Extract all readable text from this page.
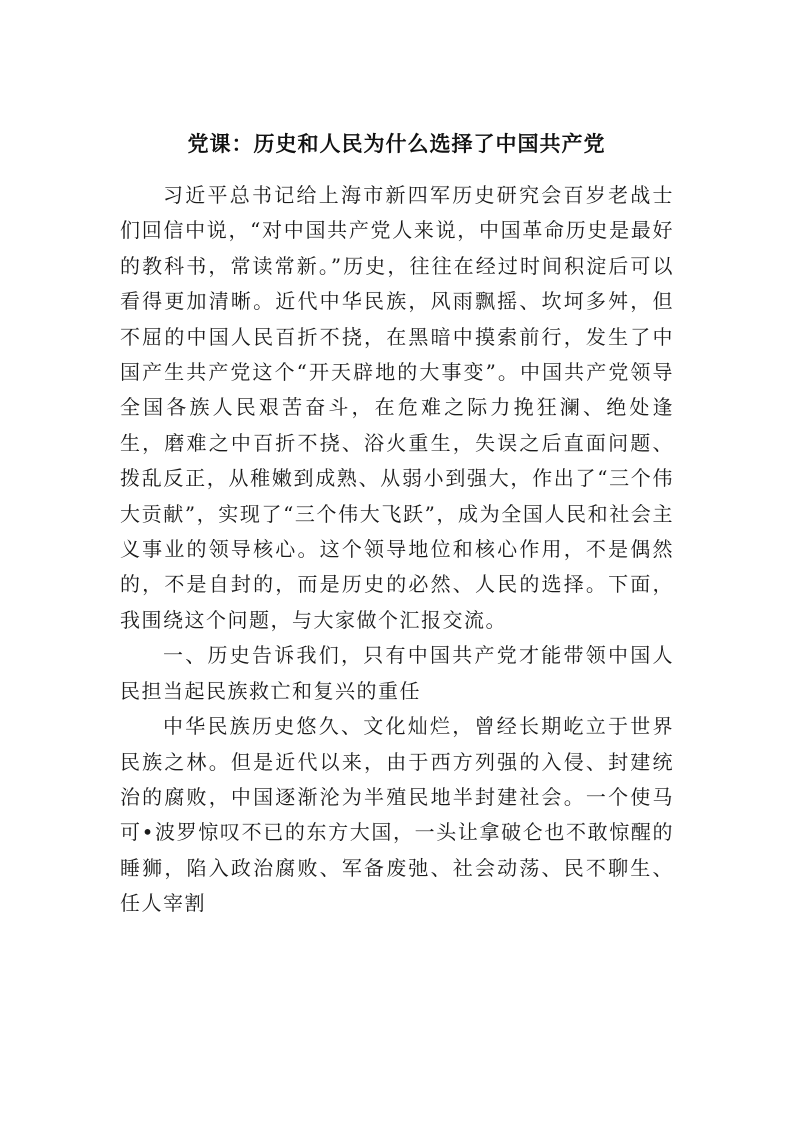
党课：历史和人民为什么选择了中国共产党

习近平总书记给上海市新四军历史研究会百岁老战士们回信中说，“对中国共产党人来说，中国革命历史是最好的教科书，常读常新。”历史，往往在经过时间积淀后可以看得更加清晰。近代中华民族，风雨飘摇、坎坷多舛，但不屈的中国人民百折不挠，在黑暗中摸索前行，发生了中国产生共产党这个“开天辟地的大事变”。中国共产党领导全国各族人民艰苦奋斗，在危难之际力挽狂澜、绝处逢生，磨难之中百折不挠、浴火重生，失误之后直面问题、拨乱反正，从稚嫩到成熟、从弱小到强大，作出了“三个伟大贡献”，实现了“三个伟大飞跃”，成为全国人民和社会主义事业的领导核心。这个领导地位和核心作用，不是偶然的，不是自封的，而是历史的必然、人民的选择。下面，我围绕这个问题，与大家做个汇报交流。

一、历史告诉我们，只有中国共产党才能带领中国人民担当起民族救亡和复兴的重任

中华民族历史悠久、文化灿烂，曾经长期屹立于世界民族之林。但是近代以来，由于西方列强的入侵、封建统治的腐败，中国逐渐沦为半殖民地半封建社会。一个使马可•波罗惊叹不已的东方大国，一头让拿破仑也不敢惊醒的睡狮，陷入政治腐败、军备废弛、社会动荡、民不聊生、任人宰割
